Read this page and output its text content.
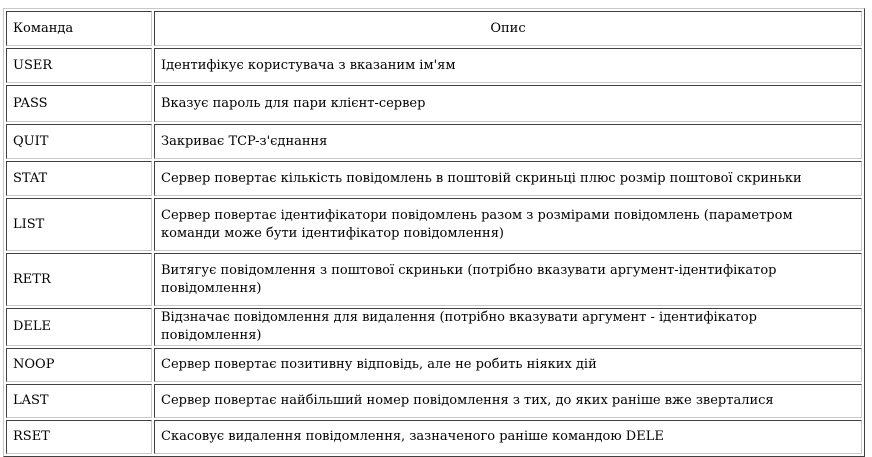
Команда	Опис
USER	Ідентифікує користувача з вказаним ім'ям
PASS	Вказує пароль для пари клієнт-сервер
QUIT	Закриває TCP-з'єднання
STAT	Сервер повертає кількість повідомлень в поштовій скриньці плюс розмір поштової скриньки
LIST	Сервер повертає ідентифікатори повідомлень разом з розмірами повідомлень (параметром команди може бути ідентифікатор повідомлення)
RETR	Витягує повідомлення з поштової скриньки (потрібно вказувати аргумент-ідентифікатор повідомлення)
DELE	Відзначає повідомлення для видалення (потрібно вказувати аргумент - ідентифікатор повідомлення)
NOOP	Сервер повертає позитивну відповідь, але не робить ніяких дій
LAST	Сервер повертає найбільший номер повідомлення з тих, до яких раніше вже зверталися
RSET	Скасовує видалення повідомлення, зазначеного раніше командою DELE
